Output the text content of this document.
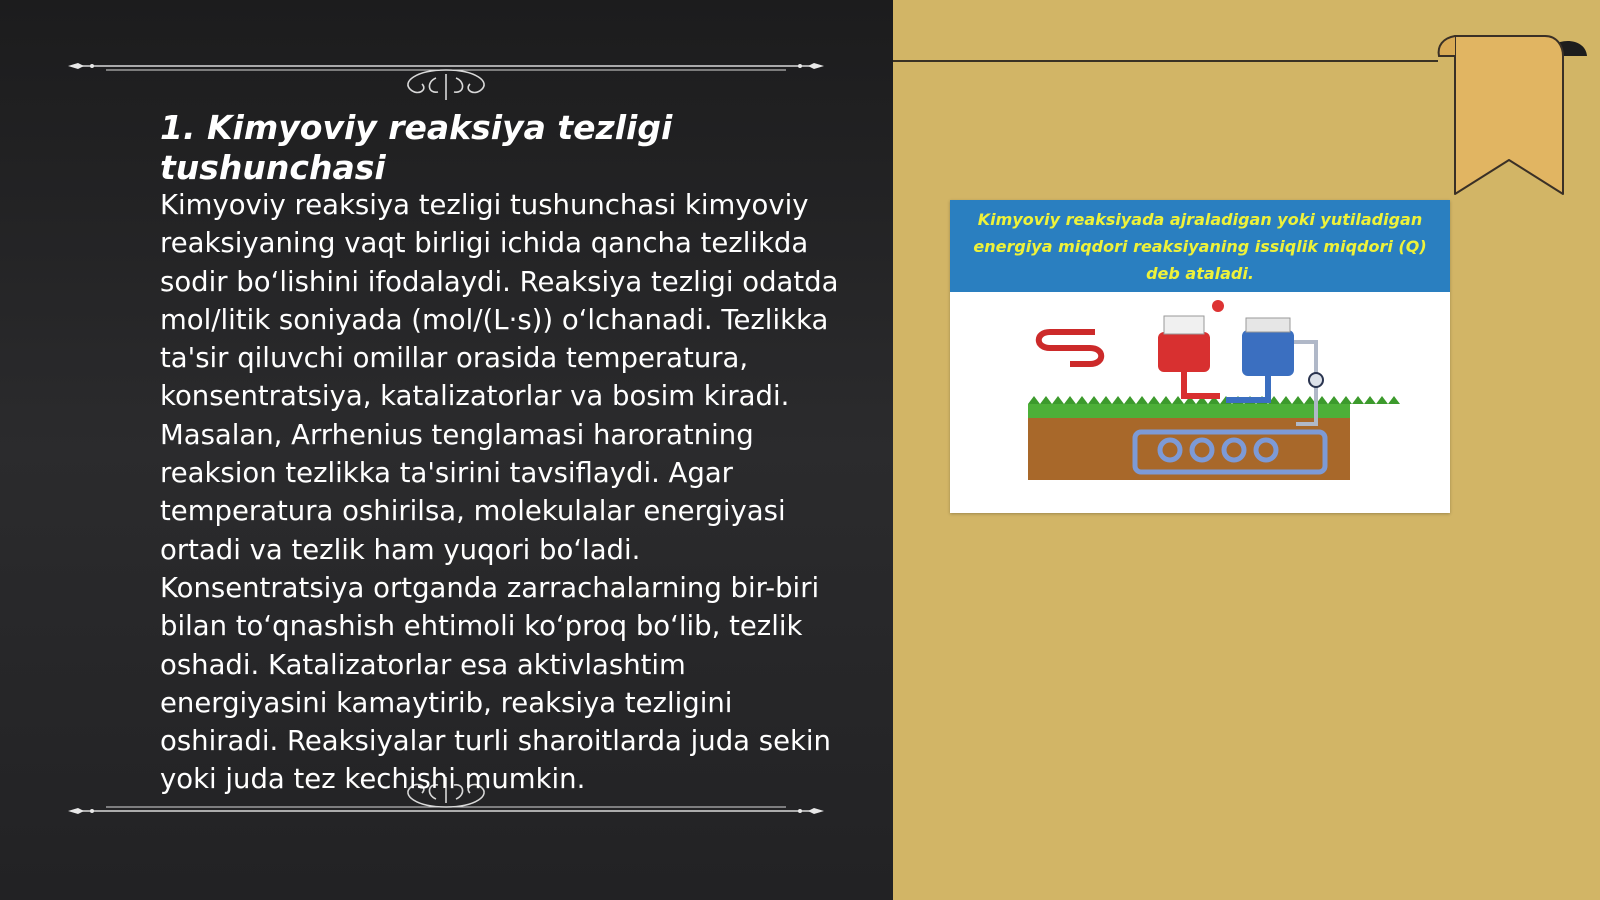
1. Kimyoviy reaksiya tezligi tushunchasi

Kimyoviy reaksiya tezligi tushunchasi kimyoviy reaksiyaning vaqt birligi ichida qancha tezlikda sodir bo‘lishini ifodalaydi. Reaksiya tezligi odatda mol/litik soniyada (mol/(L·s)) o‘lchanadi. Tezlikka ta'sir qiluvchi omillar orasida temperatura, konsentratsiya, katalizatorlar va bosim kiradi. Masalan, Arrhenius tenglamasi haroratning reaksion tezlikka ta'sirini tavsiflaydi. Agar temperatura oshirilsa, molekulalar energiyasi ortadi va tezlik ham yuqori bo‘ladi. Konsentratsiya ortganda zarrachalarning bir-biri bilan to‘qnashish ehtimoli ko‘proq bo‘lib, tezlik oshadi. Katalizatorlar esa aktivlashtim energiyasini kamaytirib, reaksiya tezligini oshiradi. Reaksiyalar turli sharoitlarda juda sekin yoki juda tez kechishi mumkin.

Kimyoviy reaksiyada ajraladigan yoki yutiladigan energiya miqdori reaksiyaning issiqlik miqdori (Q) deb ataladi.
